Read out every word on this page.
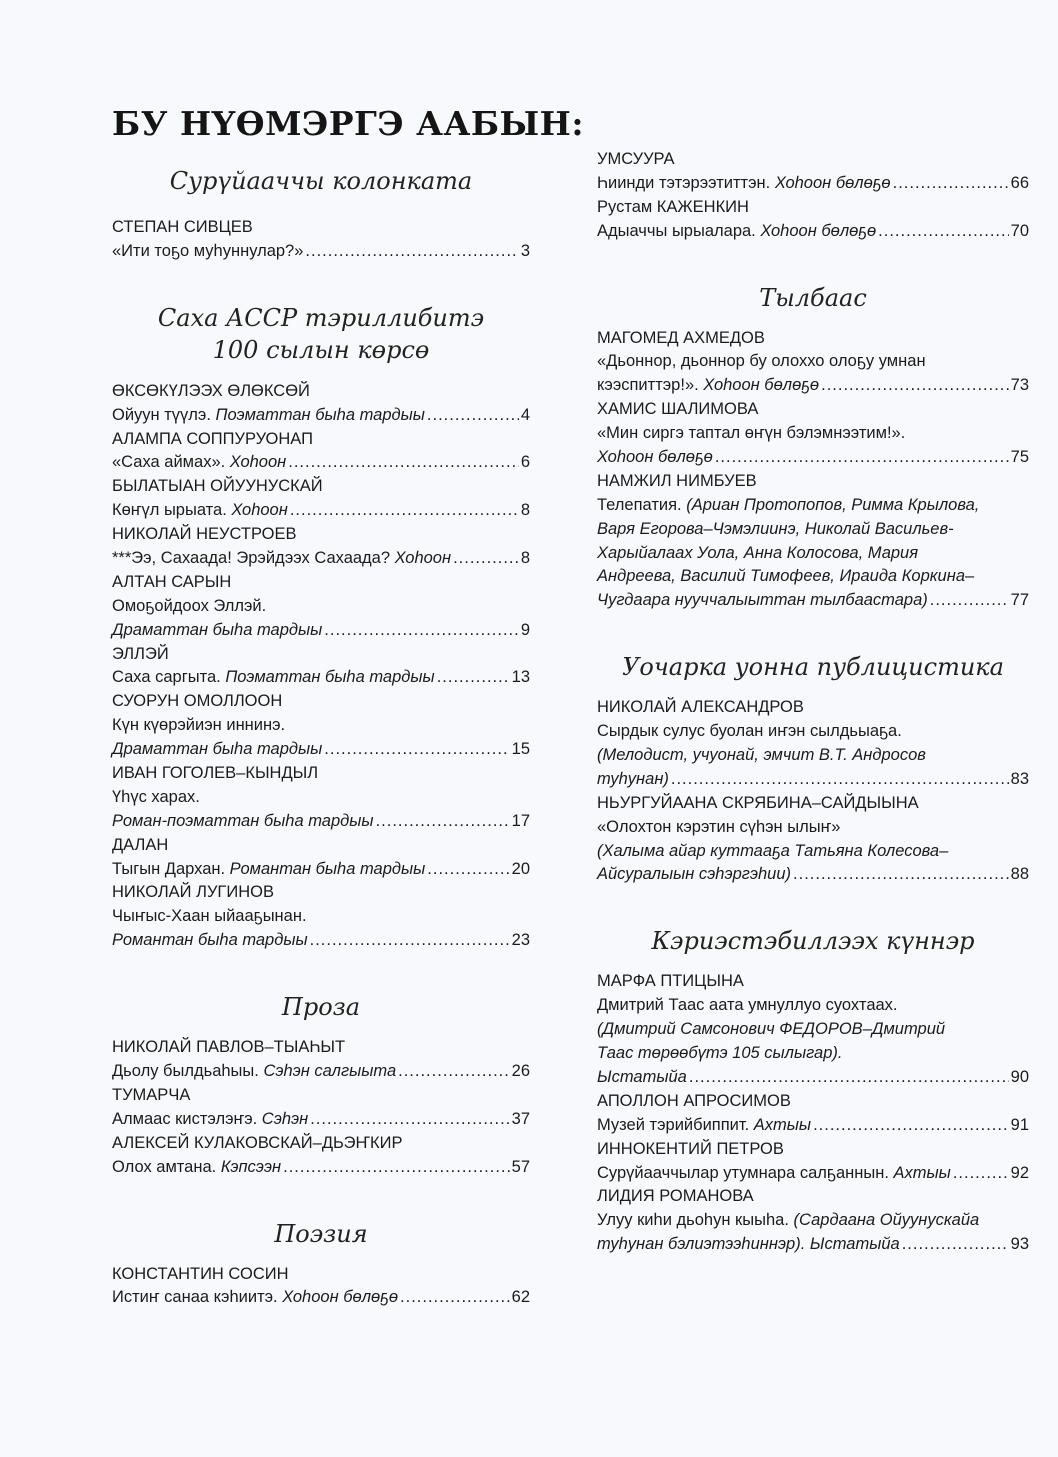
БУ НҮӨМЭРГЭ ААБЫН:
Сурүйааччы колонката
СТЕПАН СИВЦЕВ
«Ити тоҕо муһуннулар?» .....	3
Саха АССР тэриллибитэ
100 сылын көрсө
ӨКСӨКҮЛЭЭХ ӨЛӨКСӨЙ
Ойуун түүлэ. Поэматтан быһа тардыы .....	4
АЛАМПА СОППУРУОНАП
«Саха аймах». Хоһоон .....	6
БЫЛАТЫАН ОЙУУНУСКАЙ
Көҥүл ырыата. Хоһоон .....	8
НИКОЛАЙ НЕУСТРОЕВ
***Ээ, Сахаада! Эрэйдээх Сахаада? Хоһоон .....	8
АЛТАН САРЫН
Омоҕойдоох Эллэй.
Драматтан быһа тардыы .....	9
ЭЛЛЭЙ
Саха саргыта. Поэматтан быһа тардыы .....	13
СУОРУН ОМОЛЛООН
Күн күөрэйиэн иннинэ.
Драматтан быһа тардыы .....	15
ИВАН ГОГОЛЕВ–КЫНДЫЛ
Үһүс харах.
Роман-поэматтан быһа тардыы .....	17
ДАЛАН
Тыгын Дархан. Романтан быһа тардыы .....	20
НИКОЛАЙ ЛУГИНОВ
Чыҥыс-Хаан ыйааҕынан.
Романтан быһа тардыы .....	23
Проза
НИКОЛАЙ ПАВЛОВ–ТЫАҺЫТ
Дьолу былдьаһыы. Сэһэн салгыыта .....	26
ТУМАРЧА
Алмаас кистэлэҥэ. Сэһэн .....	37
АЛЕКСЕЙ КУЛАКОВСКАЙ–ДЬЭҤКИР
Олох амтана. Кэпсээн .....	57
Поэзия
КОНСТАНТИН СОСИН
Истиҥ санаа кэһиитэ. Хоһоон бөлөҕө .....	62
УМСУУРА
Һиинди тэтэрээтиттэн. Хоһоон бөлөҕө .....	66
Рустам КАЖЕНКИН
Адыаччы ырыалара. Хоһоон бөлөҕө .....	70
Тылбаас
МАГОМЕД АХМЕДОВ
«Дьоннор, дьоннор бу олоххо олоҕу умнан
кээспиттэр!». Хоһоон бөлөҕө .....	73
ХАМИС ШАЛИМОВА
«Мин сиргэ таптал өҥүн бэлэмнээтим!».
Хоһоон бөлөҕө .....	75
НАМЖИЛ НИМБУЕВ
Телепатия. (Ариан Протопопов, Римма Крылова,
Варя Егорова–Чэмэлиинэ, Николай Васильев-
Харыйалаах Уола, Анна Колосова, Мария
Андреева, Василий Тимофеев, Ираида Коркина–
Чугдаара нууччалыыттан тылбаастара) .....	77
Уочарка уонна публицистика
НИКОЛАЙ АЛЕКСАНДРОВ
Сырдык сулус буолан иҥэн сылдьыаҕа.
(Мелодист, учуонай, эмчит В.Т. Андросов
туһунан) .....	83
НЬУРГУЙААНА СКРЯБИНА–САЙДЫЫНА
«Олохтон кэрэтин сүһэн ылыҥ»
(Халыма айар куттааҕа Татьяна Колесова–
Айсуралыын сэһэргэһии) .....	88
Кэриэстэбиллээх күннэр
МАРФА ПТИЦЫНА
Дмитрий Таас аата умнуллуо суохтаах.
(Дмитрий Самсонович ФЕДОРОВ–Дмитрий
Таас төрөөбүтэ 105 сылыгар).
Ыстатыйа .....	90
АПОЛЛОН АПРОСИМОВ
Музей тэрийбиппит. Ахтыы .....	91
ИННОКЕНТИЙ ПЕТРОВ
Сурүйааччылар утумнара салҕаннын. Ахтыы .....	92
ЛИДИЯ РОМАНОВА
Улуу киһи дьоһун кыыһа. (Сардаана Ойуунускайа
туһунан бэлиэтээһиннэр). Ыстатыйа .....	93
